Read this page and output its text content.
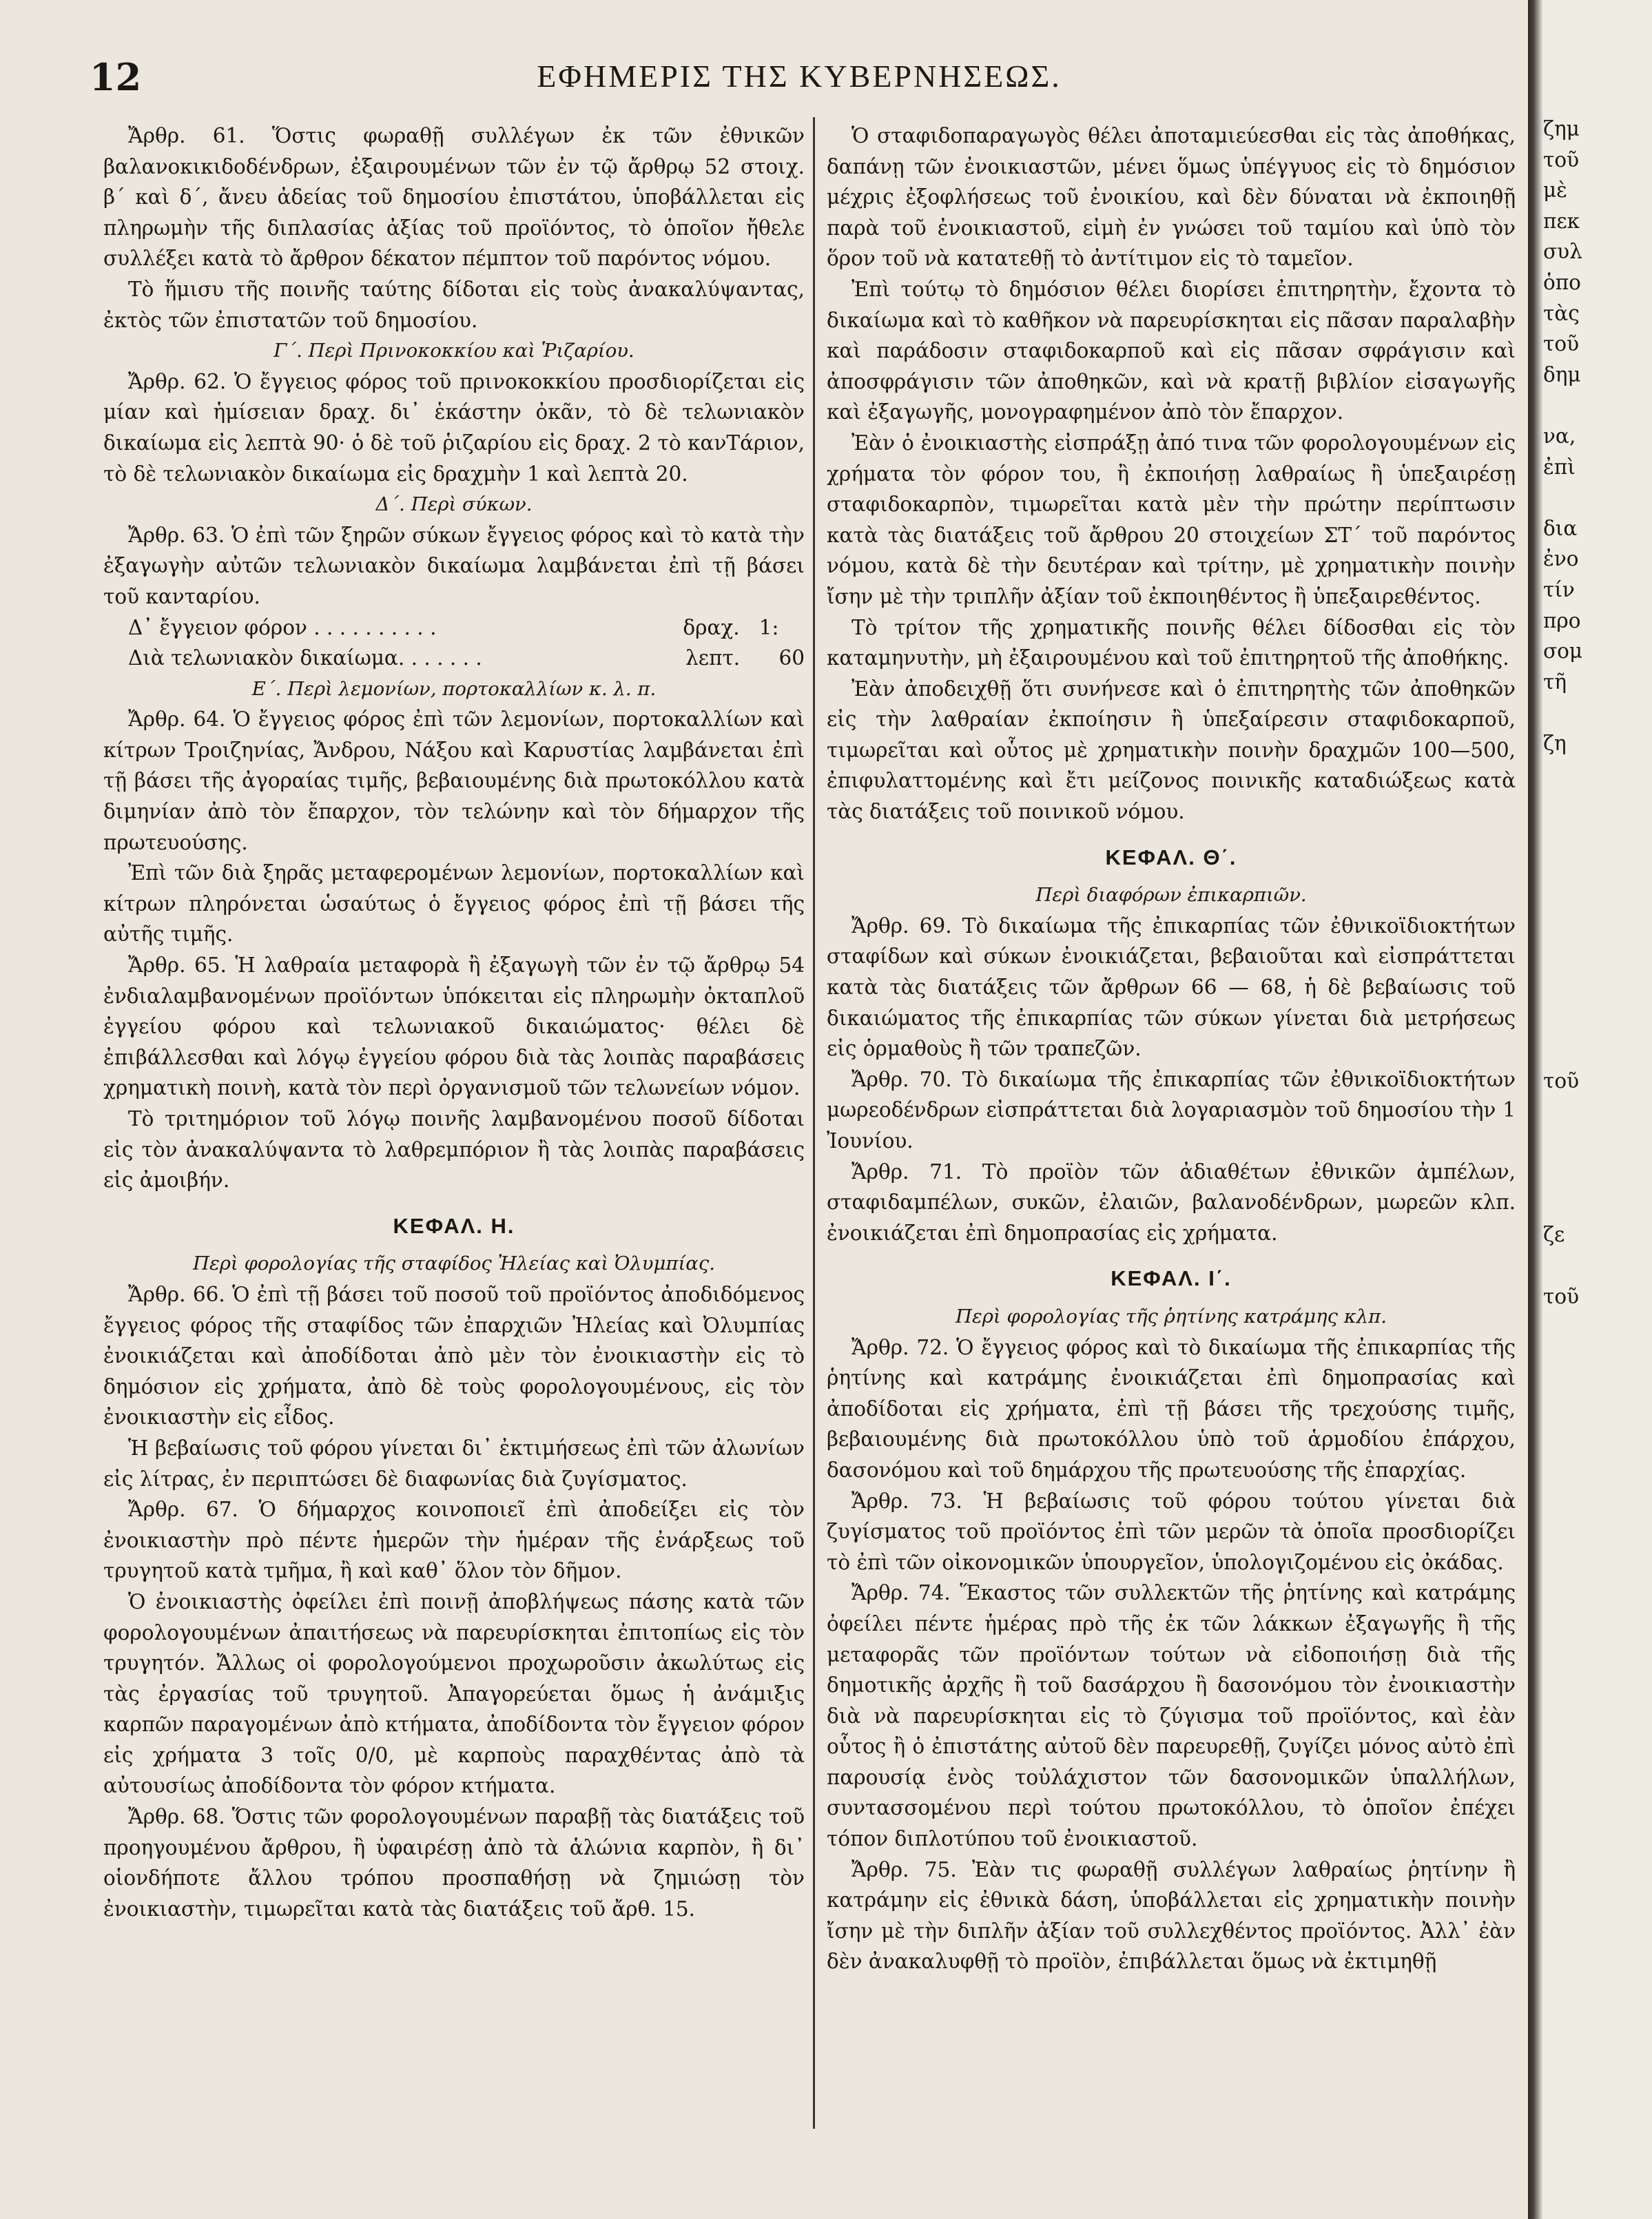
12	ΕΦΗΜΕΡΙΣ ΤΗΣ ΚΥΒΕΡΝΗΣΕΩΣ.

Ἄρθρ. 61. Ὅστις φωραθῇ συλλέγων ἐκ τῶν ἐθνικῶν βαλανοκικιδοδένδρων, ἐξαιρουμένων τῶν ἐν τῷ ἄρθρῳ 52 στοιχ. β΄ καὶ δ΄, ἄνευ ἀδείας τοῦ δημοσίου ἐπιστάτου, ὑποβάλλεται εἰς πληρωμὴν τῆς διπλασίας ἀξίας τοῦ προϊόντος, τὸ ὁποῖον ἤθελε συλλέξει κατὰ τὸ ἄρθρον δέκατον πέμπτον τοῦ παρόντος νόμου.

Τὸ ἥμισυ τῆς ποινῆς ταύτης δίδοται εἰς τοὺς ἀνακαλύψαντας, ἐκτὸς τῶν ἐπιστατῶν τοῦ δημοσίου.

Γ΄. Περὶ Πρινοκοκκίου καὶ Ῥιζαρίου.

Ἄρθρ. 62. Ὁ ἔγγειος φόρος τοῦ πρινοκοκκίου προσδιορίζεται εἰς μίαν καὶ ἡμίσειαν δραχ. δι᾽ ἑκάστην ὀκᾶν, τὸ δὲ τελωνιακὸν δικαίωμα εἰς λεπτὰ 90· ὁ δὲ τοῦ ῥιζαρίου εἰς δραχ. 2 τὸ κανTάριον, τὸ δὲ τελωνιακὸν δικαίωμα εἰς δραχμὴν 1 καὶ λεπτὰ 20.

Δ΄. Περὶ σύκων.

Ἄρθρ. 63. Ὁ ἐπὶ τῶν ξηρῶν σύκων ἔγγειος φόρος καὶ τὸ κατὰ τὴν ἐξαγωγὴν αὐτῶν τελωνιακὸν δικαίωμα λαμβάνεται ἐπὶ τῇ βάσει τοῦ κανταρίου.

Δ᾽ ἔγγειον φόρον . . . . . . . . . .	δραχ. 1:
Διὰ τελωνιακὸν δικαίωμα. . . . . . .	λεπτ. 60

Ε΄. Περὶ λεμονίων, πορτοκαλλίων κ. λ. π.

Ἄρθρ. 64. Ὁ ἔγγειος φόρος ἐπὶ τῶν λεμονίων, πορτοκαλλίων καὶ κίτρων Τροιζηνίας, Ἄνδρου, Νάξου καὶ Καρυστίας λαμβάνεται ἐπὶ τῇ βάσει τῆς ἀγοραίας τιμῆς, βεβαιουμένης διὰ πρωτοκόλλου κατὰ διμηνίαν ἀπὸ τὸν ἔπαρχον, τὸν τελώνην καὶ τὸν δήμαρχον τῆς πρωτευούσης.

Ἐπὶ τῶν διὰ ξηρᾶς μεταφερομένων λεμονίων, πορτοκαλλίων καὶ κίτρων πληρόνεται ὡσαύτως ὁ ἔγγειος φόρος ἐπὶ τῇ βάσει τῆς αὐτῆς τιμῆς.

Ἄρθρ. 65. Ἡ λαθραία μεταφορὰ ἢ ἐξαγωγὴ τῶν ἐν τῷ ἄρθρῳ 54 ἐνδιαλαμβανομένων προϊόντων ὑπόκειται εἰς πληρωμὴν ὀκταπλοῦ ἐγγείου φόρου καὶ τελωνιακοῦ δικαιώματος· θέλει δὲ ἐπιβάλλεσθαι καὶ λόγῳ ἐγγείου φόρου διὰ τὰς λοιπὰς παραβάσεις χρηματικὴ ποινὴ, κατὰ τὸν περὶ ὀργανισμοῦ τῶν τελωνείων νόμον.

Τὸ τριτημόριον τοῦ λόγῳ ποινῆς λαμβανομένου ποσοῦ δίδοται εἰς τὸν ἀνακαλύψαντα τὸ λαθρεμπόριον ἢ τὰς λοιπὰς παραβάσεις εἰς ἀμοιβήν.

ΚΕΦΑΛ. Η.

Περὶ φορολογίας τῆς σταφίδος Ἠλείας καὶ Ὀλυμπίας.

Ἄρθρ. 66. Ὁ ἐπὶ τῇ βάσει τοῦ ποσοῦ τοῦ προϊόντος ἀποδιδόμενος ἔγγειος φόρος τῆς σταφίδος τῶν ἐπαρχιῶν Ἠλείας καὶ Ὀλυμπίας ἐνοικιάζεται καὶ ἀποδίδοται ἀπὸ μὲν τὸν ἐνοικιαστὴν εἰς τὸ δημόσιον εἰς χρήματα, ἀπὸ δὲ τοὺς φορολογουμένους, εἰς τὸν ἐνοικιαστὴν εἰς εἶδος.

Ἡ βεβαίωσις τοῦ φόρου γίνεται δι᾽ ἐκτιμήσεως ἐπὶ τῶν ἀλωνίων εἰς λίτρας, ἐν περιπτώσει δὲ διαφωνίας διὰ ζυγίσματος.

Ἄρθρ. 67. Ὁ δήμαρχος κοινοποιεῖ ἐπὶ ἀποδείξει εἰς τὸν ἐνοικιαστὴν πρὸ πέντε ἡμερῶν τὴν ἡμέραν τῆς ἐνάρξεως τοῦ τρυγητοῦ κατὰ τμῆμα, ἢ καὶ καθ᾽ ὅλον τὸν δῆμον.

Ὁ ἐνοικιαστὴς ὀφείλει ἐπὶ ποινῇ ἀποβλήψεως πάσης κατὰ τῶν φορολογουμένων ἀπαιτήσεως νὰ παρευρίσκηται ἐπιτοπίως εἰς τὸν τρυγητόν. Ἄλλως οἱ φορολογούμενοι προχωροῦσιν ἀκωλύτως εἰς τὰς ἐργασίας τοῦ τρυγητοῦ. Ἀπαγορεύεται ὅμως ἡ ἀνάμιξις καρπῶν παραγομένων ἀπὸ κτήματα, ἀποδίδοντα τὸν ἔγγειον φόρον εἰς χρήματα 3 τοῖς 0/0, μὲ καρποὺς παραχθέντας ἀπὸ τὰ αὐτουσίως ἀποδίδοντα τὸν φόρον κτήματα.

Ἄρθρ. 68. Ὅστις τῶν φορολογουμένων παραβῇ τὰς διατάξεις τοῦ προηγουμένου ἄρθρου, ἢ ὑφαιρέσῃ ἀπὸ τὰ ἁλώνια καρπὸν, ἢ δι᾽ οἱονδήποτε ἄλλου τρόπου προσπαθήσῃ νὰ ζημιώσῃ τὸν ἐνοικιαστὴν, τιμωρεῖται κατὰ τὰς διατάξεις τοῦ ἄρθ. 15.

Ὁ σταφιδοπαραγωγὸς θέλει ἀποταμιεύεσθαι εἰς τὰς ἀποθήκας, δαπάνῃ τῶν ἐνοικιαστῶν, μένει ὅμως ὑπέγγυος εἰς τὸ δημόσιον μέχρις ἐξοφλήσεως τοῦ ἐνοικίου, καὶ δὲν δύναται νὰ ἐκποιηθῇ παρὰ τοῦ ἐνοικιαστοῦ, εἰμὴ ἐν γνώσει τοῦ ταμίου καὶ ὑπὸ τὸν ὅρον τοῦ νὰ κατατεθῇ τὸ ἀντίτιμον εἰς τὸ ταμεῖον.

Ἐπὶ τούτῳ τὸ δημόσιον θέλει διορίσει ἐπιτηρητὴν, ἔχοντα τὸ δικαίωμα καὶ τὸ καθῆκον νὰ παρευρίσκηται εἰς πᾶσαν παραλαβὴν καὶ παράδοσιν σταφιδοκαρποῦ καὶ εἰς πᾶσαν σφράγισιν καὶ ἀποσφράγισιν τῶν ἀποθηκῶν, καὶ νὰ κρατῇ βιβλίον εἰσαγωγῆς καὶ ἐξαγωγῆς, μονογραφημένον ἀπὸ τὸν ἔπαρχον.

Ἐὰν ὁ ἐνοικιαστὴς εἰσπράξῃ ἀπό τινα τῶν φορολογουμένων εἰς χρήματα τὸν φόρον του, ἢ ἐκποιήσῃ λαθραίως ἢ ὑπεξαιρέσῃ σταφιδοκαρπὸν, τιμωρεῖται κατὰ μὲν τὴν πρώτην περίπτωσιν κατὰ τὰς διατάξεις τοῦ ἄρθρου 20 στοιχείων ΣΤ΄ τοῦ παρόντος νόμου, κατὰ δὲ τὴν δευτέραν καὶ τρίτην, μὲ χρηματικὴν ποινὴν ἴσην μὲ τὴν τριπλῆν ἀξίαν τοῦ ἐκποιηθέντος ἢ ὑπεξαιρεθέντος.

Τὸ τρίτον τῆς χρηματικῆς ποινῆς θέλει δίδοσθαι εἰς τὸν καταμηνυτὴν, μὴ ἐξαιρουμένου καὶ τοῦ ἐπιτηρητοῦ τῆς ἀποθήκης.

Ἐὰν ἀποδειχθῇ ὅτι συνήνεσε καὶ ὁ ἐπιτηρητὴς τῶν ἀποθηκῶν εἰς τὴν λαθραίαν ἐκποίησιν ἢ ὑπεξαίρεσιν σταφιδοκαρποῦ, τιμωρεῖται καὶ οὗτος μὲ χρηματικὴν ποινὴν δραχμῶν 100—500, ἐπιφυλαττομένης καὶ ἔτι μείζονος ποινικῆς καταδιώξεως κατὰ τὰς διατάξεις τοῦ ποινικοῦ νόμου.

ΚΕΦΑΛ. Θ΄.

Περὶ διαφόρων ἐπικαρπιῶν.

Ἄρθρ. 69. Τὸ δικαίωμα τῆς ἐπικαρπίας τῶν ἐθνικοϊδιοκτήτων σταφίδων καὶ σύκων ἐνοικιάζεται, βεβαιοῦται καὶ εἰσπράττεται κατὰ τὰς διατάξεις τῶν ἄρθρων 66 — 68, ἡ δὲ βεβαίωσις τοῦ δικαιώματος τῆς ἐπικαρπίας τῶν σύκων γίνεται διὰ μετρήσεως εἰς ὁρμαθοὺς ἢ τῶν τραπεζῶν.

Ἄρθρ. 70. Τὸ δικαίωμα τῆς ἐπικαρπίας τῶν ἐθνικοϊδιοκτήτων μωρεοδένδρων εἰσπράττεται διὰ λογαριασμὸν τοῦ δημοσίου τὴν 1 Ἰουνίου.

Ἄρθρ. 71. Τὸ προϊὸν τῶν ἀδιαθέτων ἐθνικῶν ἀμπέλων, σταφιδαμπέλων, συκῶν, ἐλαιῶν, βαλανοδένδρων, μωρεῶν κλπ. ἐνοικιάζεται ἐπὶ δημοπρασίας εἰς χρήματα.

ΚΕΦΑΛ. Ι΄.

Περὶ φορολογίας τῆς ῥητίνης κατράμης κλπ.

Ἄρθρ. 72. Ὁ ἔγγειος φόρος καὶ τὸ δικαίωμα τῆς ἐπικαρπίας τῆς ῥητίνης καὶ κατράμης ἐνοικιάζεται ἐπὶ δημοπρασίας καὶ ἀποδίδοται εἰς χρήματα, ἐπὶ τῇ βάσει τῆς τρεχούσης τιμῆς, βεβαιουμένης διὰ πρωτοκόλλου ὑπὸ τοῦ ἁρμοδίου ἐπάρχου, δασονόμου καὶ τοῦ δημάρχου τῆς πρωτευούσης τῆς ἐπαρχίας.

Ἄρθρ. 73. Ἡ βεβαίωσις τοῦ φόρου τούτου γίνεται διὰ ζυγίσματος τοῦ προϊόντος ἐπὶ τῶν μερῶν τὰ ὁποῖα προσδιορίζει τὸ ἐπὶ τῶν οἰκονομικῶν ὑπουργεῖον, ὑπολογιζομένου εἰς ὀκάδας.

Ἄρθρ. 74. Ἕκαστος τῶν συλλεκτῶν τῆς ῥητίνης καὶ κατράμης ὀφείλει πέντε ἡμέρας πρὸ τῆς ἐκ τῶν λάκκων ἐξαγωγῆς ἢ τῆς μεταφορᾶς τῶν προϊόντων τούτων νὰ εἰδοποιήσῃ διὰ τῆς δημοτικῆς ἀρχῆς ἢ τοῦ δασάρχου ἢ δασονόμου τὸν ἐνοικιαστὴν διὰ νὰ παρευρίσκηται εἰς τὸ ζύγισμα τοῦ προϊόντος, καὶ ἐὰν οὗτος ἢ ὁ ἐπιστάτης αὐτοῦ δὲν παρευρεθῇ, ζυγίζει μόνος αὐτὸ ἐπὶ παρουσίᾳ ἑνὸς τοὐλάχιστον τῶν δασονομικῶν ὑπαλλήλων, συντασσομένου περὶ τούτου πρωτοκόλλου, τὸ ὁποῖον ἐπέχει τόπον διπλοτύπου τοῦ ἐνοικιαστοῦ.

Ἄρθρ. 75. Ἐὰν τις φωραθῇ συλλέγων λαθραίως ῥητίνην ἢ κατράμην εἰς ἐθνικὰ δάση, ὑποβάλλεται εἰς χρηματικὴν ποινὴν ἴσην μὲ τὴν διπλῆν ἀξίαν τοῦ συλλεχθέντος προϊόντος. Ἀλλ᾽ ἐὰν δὲν ἀνακαλυφθῇ τὸ προϊὸν, ἐπιβάλλεται ὅμως νὰ ἐκτιμηθῇ

ζημ
τοῦ
μὲ
πεκ
συλ
ὁπο
τὰς
τοῦ
δημ
να,
ἐπὶ
δια
ἐνο
τίν
προ
σομ
τῆ
ζη
τοῦ
ζε
τοῦ
